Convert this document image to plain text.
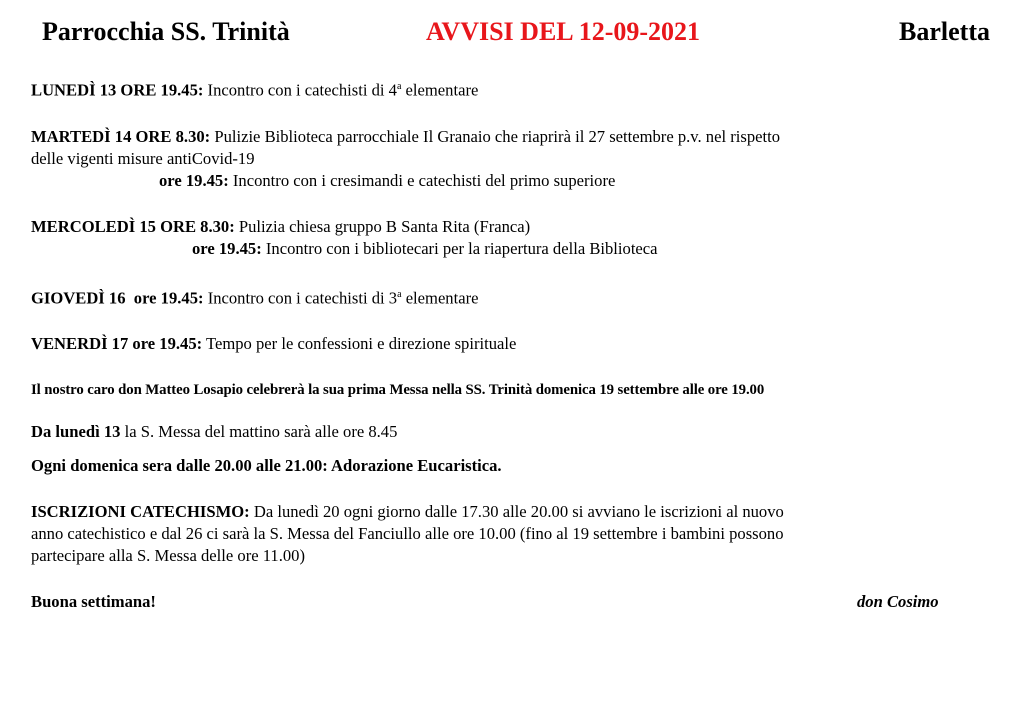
Parrocchia SS. Trinità	AVVISI DEL 12-09-2021	Barletta

LUNEDÌ 13 ORE 19.45: Incontro con i catechisti di 4$^a$ elementare

MARTEDÌ 14 ORE 8.30: Pulizie Biblioteca parrocchiale Il Granaio che riaprirà il 27 settembre p.v. nel rispetto

delle vigenti misure antiCovid-19

ore 19.45: Incontro con i cresimandi e catechisti del primo superiore

MERCOLEDÌ 15 ORE 8.30: Pulizia chiesa gruppo B Santa Rita (Franca)

ore 19.45: Incontro con i bibliotecari per la riapertura della Biblioteca

GIOVEDÌ 16  ore 19.45: Incontro con i catechisti di 3$^a$ elementare

VENERDÌ 17 ore 19.45: Tempo per le confessioni e direzione spirituale

Il nostro caro don Matteo Losapio celebrerà la sua prima Messa nella SS. Trinità domenica 19 settembre alle ore 19.00

Da lunedì 13 la S. Messa del mattino sarà alle ore 8.45

Ogni domenica sera dalle 20.00 alle 21.00: Adorazione Eucaristica.

ISCRIZIONI CATECHISMO: Da lunedì 20 ogni giorno dalle 17.30 alle 20.00 si avviano le iscrizioni al nuovo

anno catechistico e dal 26 ci sarà la S. Messa del Fanciullo alle ore 10.00 (fino al 19 settembre i bambini possono

partecipare alla S. Messa delle ore 11.00)

Buona settimana!	don Cosimo
